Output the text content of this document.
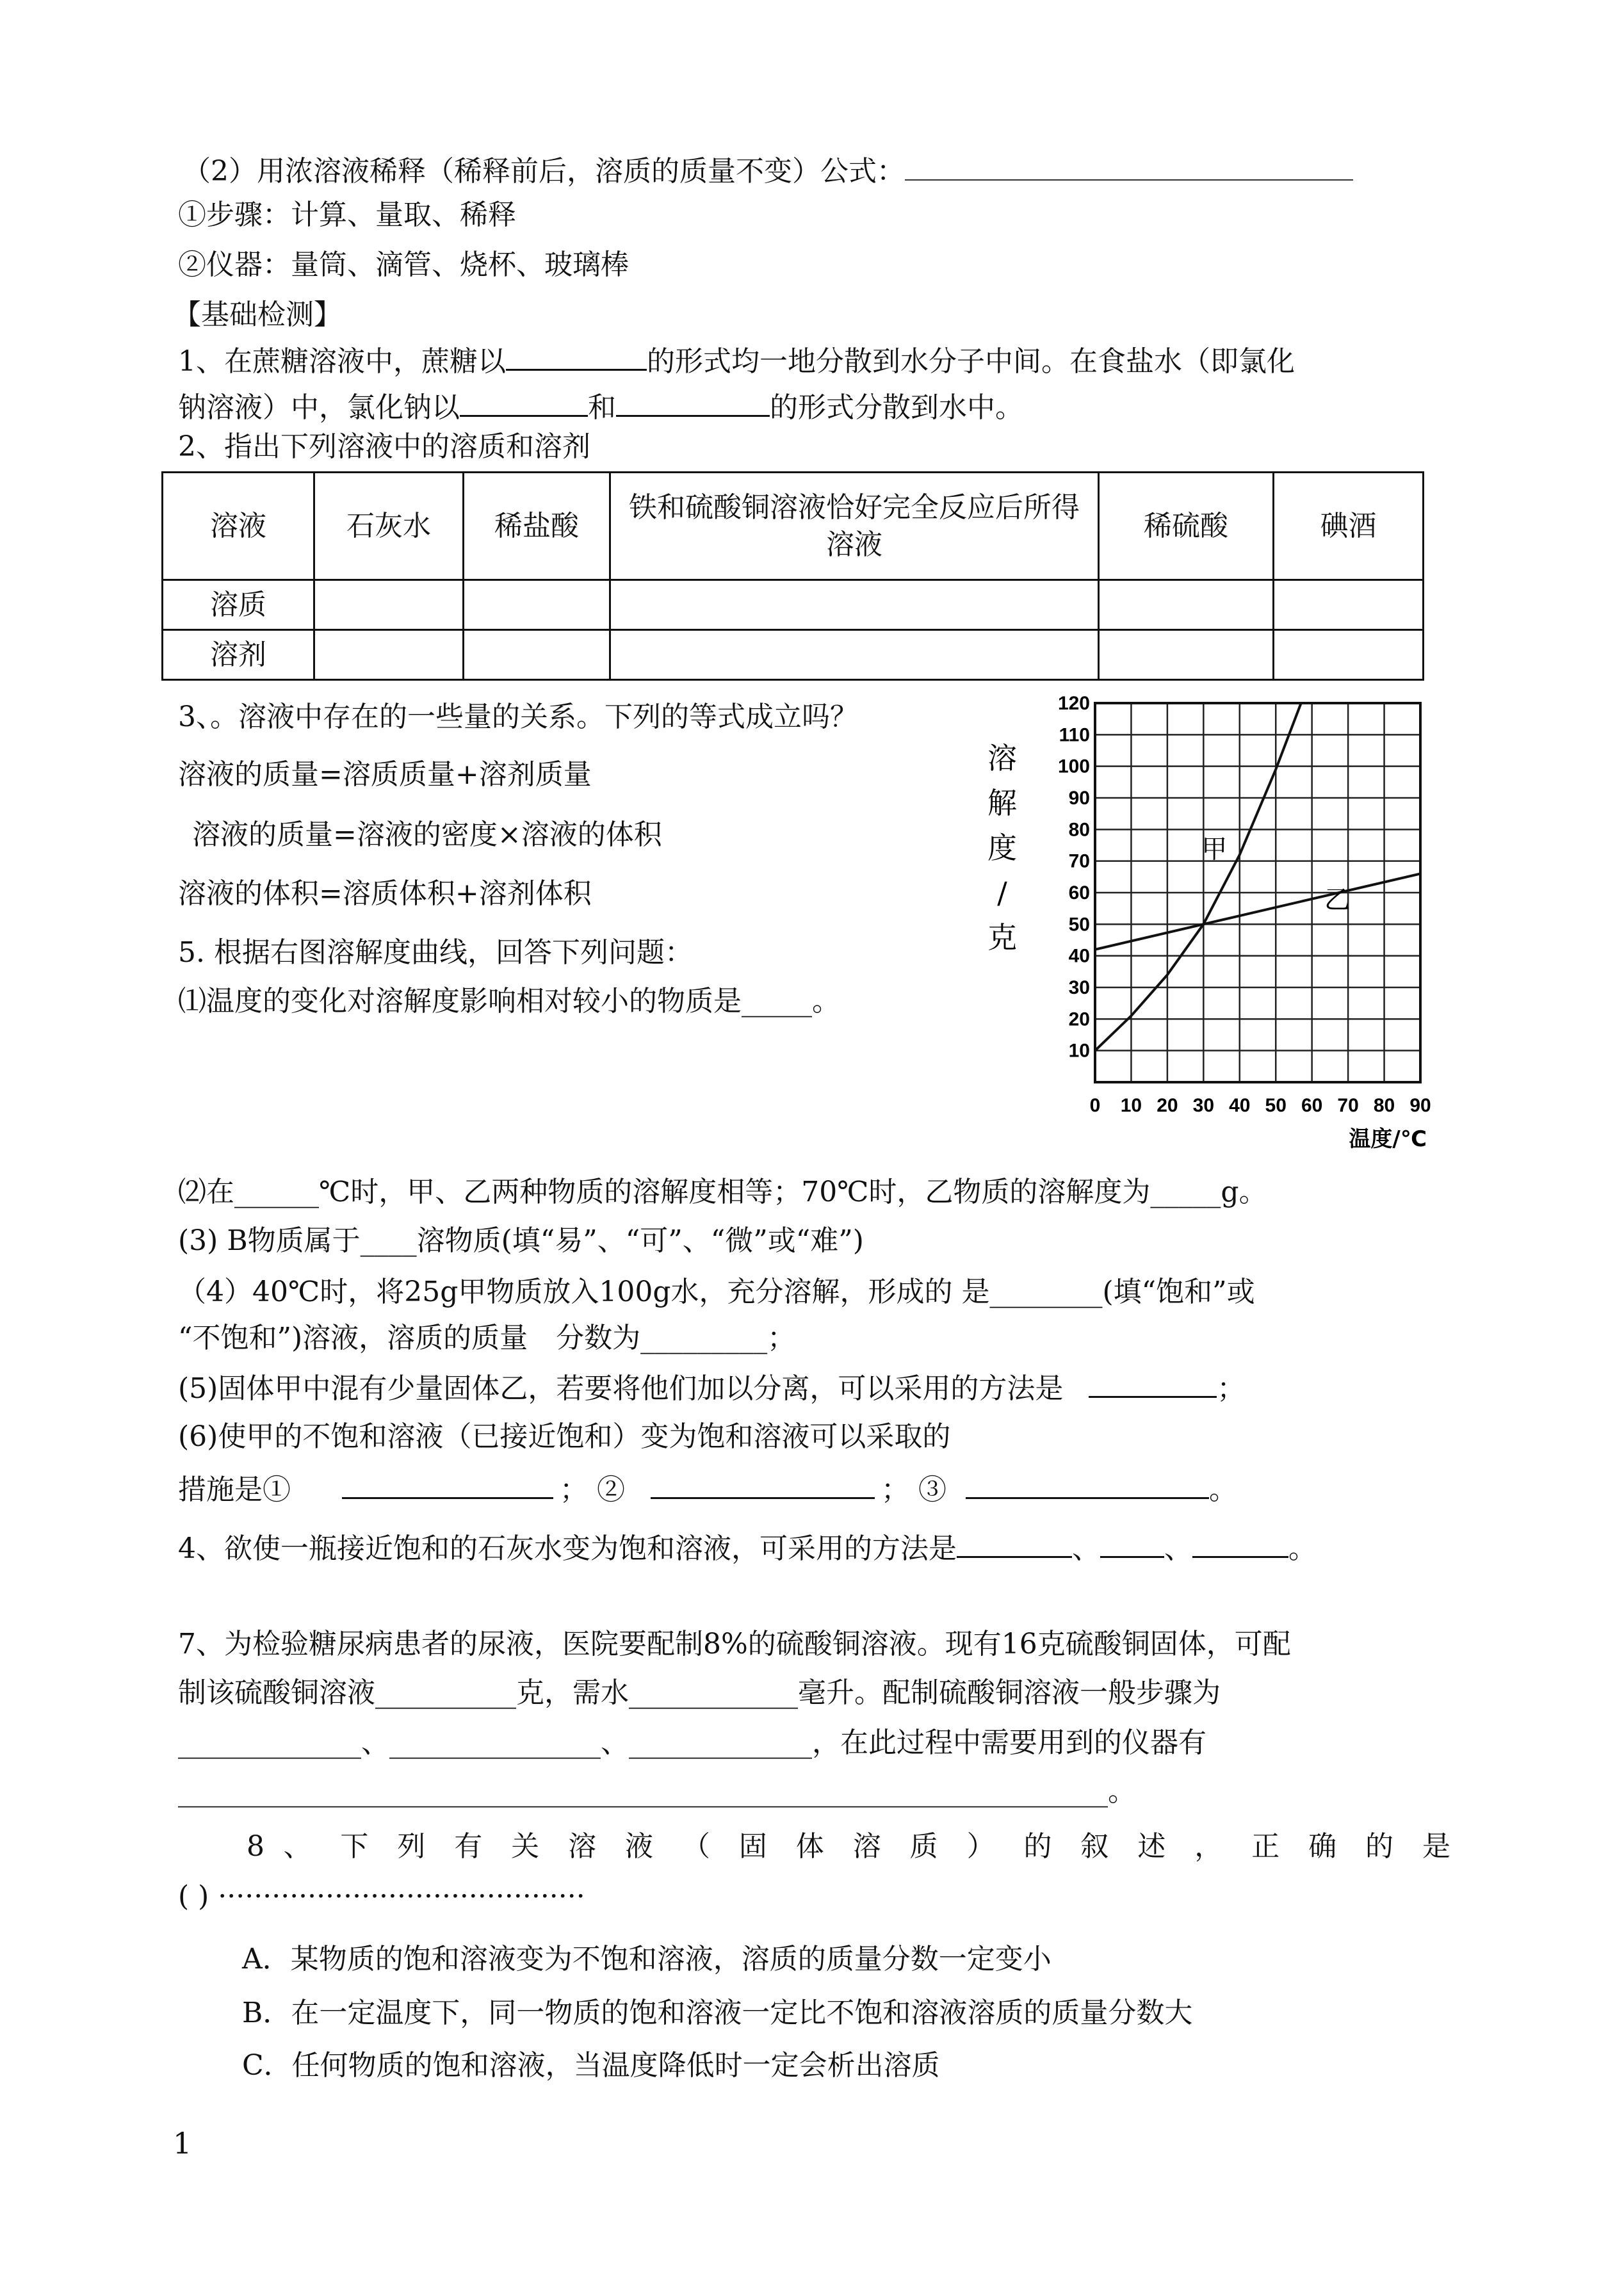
（2）用浓溶液稀释（稀释前后，溶质的质量不变）公式：
①步骤：计算、量取、稀释
②仪器：量筒、滴管、烧杯、玻璃棒
【基础检测】
1、在蔗糖溶液中，蔗糖以	的形式均一地分散到水分子中间。在食盐水（即氯化
钠溶液）中，氯化钠以	和	的形式分散到水中。
2、指出下列溶液中的溶质和溶剂
溶液	石灰水	稀盐酸	铁和硫酸铜溶液恰好完全反应后所得溶液	稀硫酸	碘酒
溶质					
溶剂					
3、。溶液中存在的一些量的关系。下列的等式成立吗？
溶液的质量=溶质质量+溶剂质量
溶液的质量=溶液的密度×溶液的体积
溶液的体积=溶质体积+溶剂体积
5. 根据右图溶解度曲线，回答下列问题：
⑴温度的变化对溶解度影响相对较小的物质是_____。
10
20
30
40
50
60
70
80
90
100
110
120
0 10 20 30 40 50 60 70 80 90
溶
解
度
/
克
温度/℃
甲
乙
⑵在______℃时，甲、乙两种物质的溶解度相等；70℃时，乙物质的溶解度为_____g。
(3) B物质属于____溶物质(填“易”、“可”、“微”或“难”)
（4）40℃时，将25g甲物质放入100g水，充分溶解，形成的 是________(填“饱和”或
“不饱和”)溶液，溶质的质量　分数为_________；
(5)固体甲中混有少量固体乙，若要将他们加以分离，可以采用的方法是	；
(6)使甲的不饱和溶液（已接近饱和）变为饱和溶液可以采取的
措施是①	； ②	； ③	。
4、欲使一瓶接近饱和的石灰水变为饱和溶液，可采用的方法是	、 、	。
7、为检验糖尿病患者的尿液，医院要配制8%的硫酸铜溶液。现有16克硫酸铜固体，可配
制该硫酸铜溶液__________克，需水____________毫升。配制硫酸铜溶液一般步骤为
_____________、_______________、_____________，在此过程中需要用到的仪器有
__________________________________________________________________。
8 、 下 列 有 关 溶 液 （ 固 体 溶 质 ） 的 叙 述 ， 正 确 的 是
( ) ·········································
A．某物质的饱和溶液变为不饱和溶液，溶质的质量分数一定变小
B．在一定温度下，同一物质的饱和溶液一定比不饱和溶液溶质的质量分数大
C．任何物质的饱和溶液，当温度降低时一定会析出溶质
1
